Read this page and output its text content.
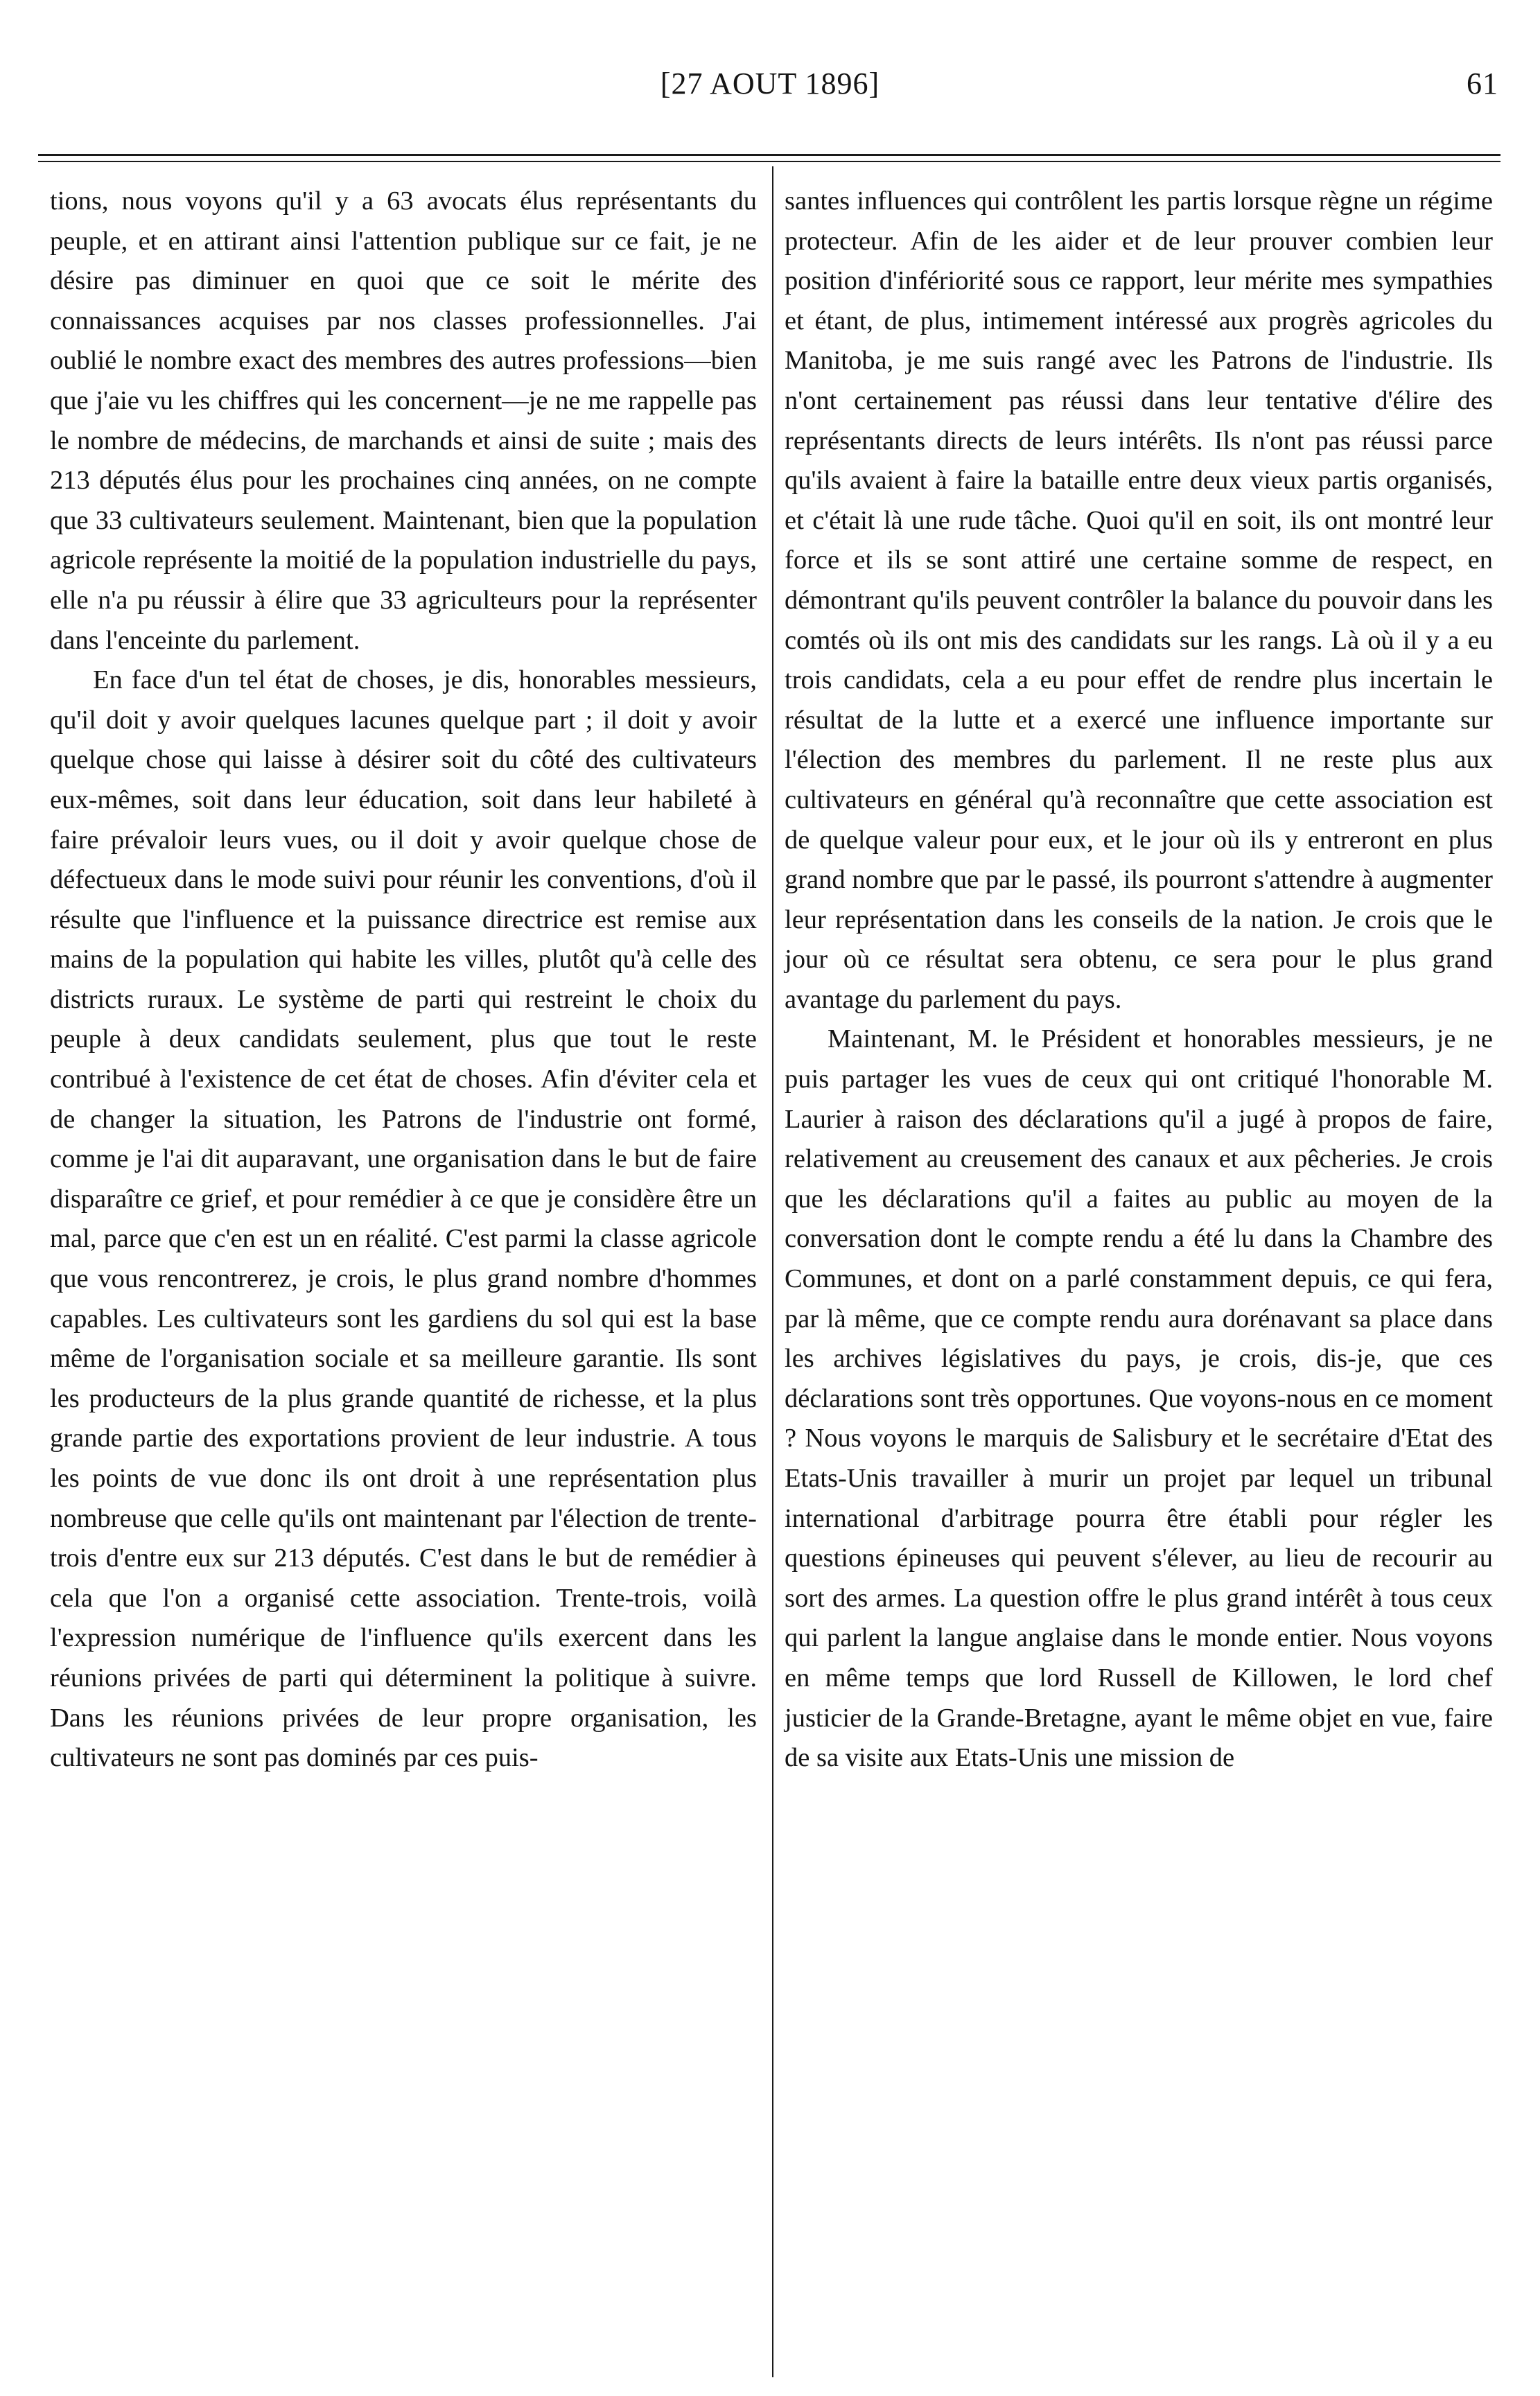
[27 AOUT 1896]	61

tions, nous voyons qu'il y a 63 avocats élus représentants du peuple, et en attirant ainsi l'attention publique sur ce fait, je ne désire pas diminuer en quoi que ce soit le mérite des connaissances acquises par nos classes professionnelles. J'ai oublié le nombre exact des membres des autres professions—bien que j'aie vu les chiffres qui les concernent—je ne me rappelle pas le nombre de médecins, de marchands et ainsi de suite ; mais des 213 députés élus pour les prochaines cinq années, on ne compte que 33 cultivateurs seulement. Maintenant, bien que la population agricole représente la moitié de la population industrielle du pays, elle n'a pu réussir à élire que 33 agriculteurs pour la représenter dans l'enceinte du parlement.

En face d'un tel état de choses, je dis, honorables messieurs, qu'il doit y avoir quelques lacunes quelque part ; il doit y avoir quelque chose qui laisse à désirer soit du côté des cultivateurs eux-mêmes, soit dans leur éducation, soit dans leur habileté à faire prévaloir leurs vues, ou il doit y avoir quelque chose de défectueux dans le mode suivi pour réunir les conventions, d'où il résulte que l'influence et la puissance directrice est remise aux mains de la population qui habite les villes, plutôt qu'à celle des districts ruraux. Le système de parti qui restreint le choix du peuple à deux candidats seulement, plus que tout le reste contribué à l'existence de cet état de choses. Afin d'éviter cela et de changer la situation, les Patrons de l'industrie ont formé, comme je l'ai dit auparavant, une organisation dans le but de faire disparaître ce grief, et pour remédier à ce que je considère être un mal, parce que c'en est un en réalité. C'est parmi la classe agricole que vous rencontrerez, je crois, le plus grand nombre d'hommes capables. Les cultivateurs sont les gardiens du sol qui est la base même de l'organisation sociale et sa meilleure garantie. Ils sont les producteurs de la plus grande quantité de richesse, et la plus grande partie des exportations provient de leur industrie. A tous les points de vue donc ils ont droit à une représentation plus nombreuse que celle qu'ils ont maintenant par l'élection de trente-trois d'entre eux sur 213 députés. C'est dans le but de remédier à cela que l'on a organisé cette association. Trente-trois, voilà l'expression numérique de l'influence qu'ils exercent dans les réunions privées de parti qui déterminent la politique à suivre. Dans les réunions privées de leur propre organisation, les cultivateurs ne sont pas dominés par ces puis-

santes influences qui contrôlent les partis lorsque règne un régime protecteur. Afin de les aider et de leur prouver combien leur position d'infériorité sous ce rapport, leur mérite mes sympathies et étant, de plus, intimement intéressé aux progrès agricoles du Manitoba, je me suis rangé avec les Patrons de l'industrie. Ils n'ont certainement pas réussi dans leur tentative d'élire des représentants directs de leurs intérêts. Ils n'ont pas réussi parce qu'ils avaient à faire la bataille entre deux vieux partis organisés, et c'était là une rude tâche. Quoi qu'il en soit, ils ont montré leur force et ils se sont attiré une certaine somme de respect, en démontrant qu'ils peuvent contrôler la balance du pouvoir dans les comtés où ils ont mis des candidats sur les rangs. Là où il y a eu trois candidats, cela a eu pour effet de rendre plus incertain le résultat de la lutte et a exercé une influence importante sur l'élection des membres du parlement. Il ne reste plus aux cultivateurs en général qu'à reconnaître que cette association est de quelque valeur pour eux, et le jour où ils y entreront en plus grand nombre que par le passé, ils pourront s'attendre à augmenter leur représentation dans les conseils de la nation. Je crois que le jour où ce résultat sera obtenu, ce sera pour le plus grand avantage du parlement du pays.

Maintenant, M. le Président et honorables messieurs, je ne puis partager les vues de ceux qui ont critiqué l'honorable M. Laurier à raison des déclarations qu'il a jugé à propos de faire, relativement au creusement des canaux et aux pêcheries. Je crois que les déclarations qu'il a faites au public au moyen de la conversation dont le compte rendu a été lu dans la Chambre des Communes, et dont on a parlé constamment depuis, ce qui fera, par là même, que ce compte rendu aura dorénavant sa place dans les archives législatives du pays, je crois, dis-je, que ces déclarations sont très opportunes. Que voyons-nous en ce moment ? Nous voyons le marquis de Salisbury et le secrétaire d'Etat des Etats-Unis travailler à murir un projet par lequel un tribunal international d'arbitrage pourra être établi pour régler les questions épineuses qui peuvent s'élever, au lieu de recourir au sort des armes. La question offre le plus grand intérêt à tous ceux qui parlent la langue anglaise dans le monde entier. Nous voyons en même temps que lord Russell de Killowen, le lord chef justicier de la Grande-Bretagne, ayant le même objet en vue, faire de sa visite aux Etats-Unis une mission de
